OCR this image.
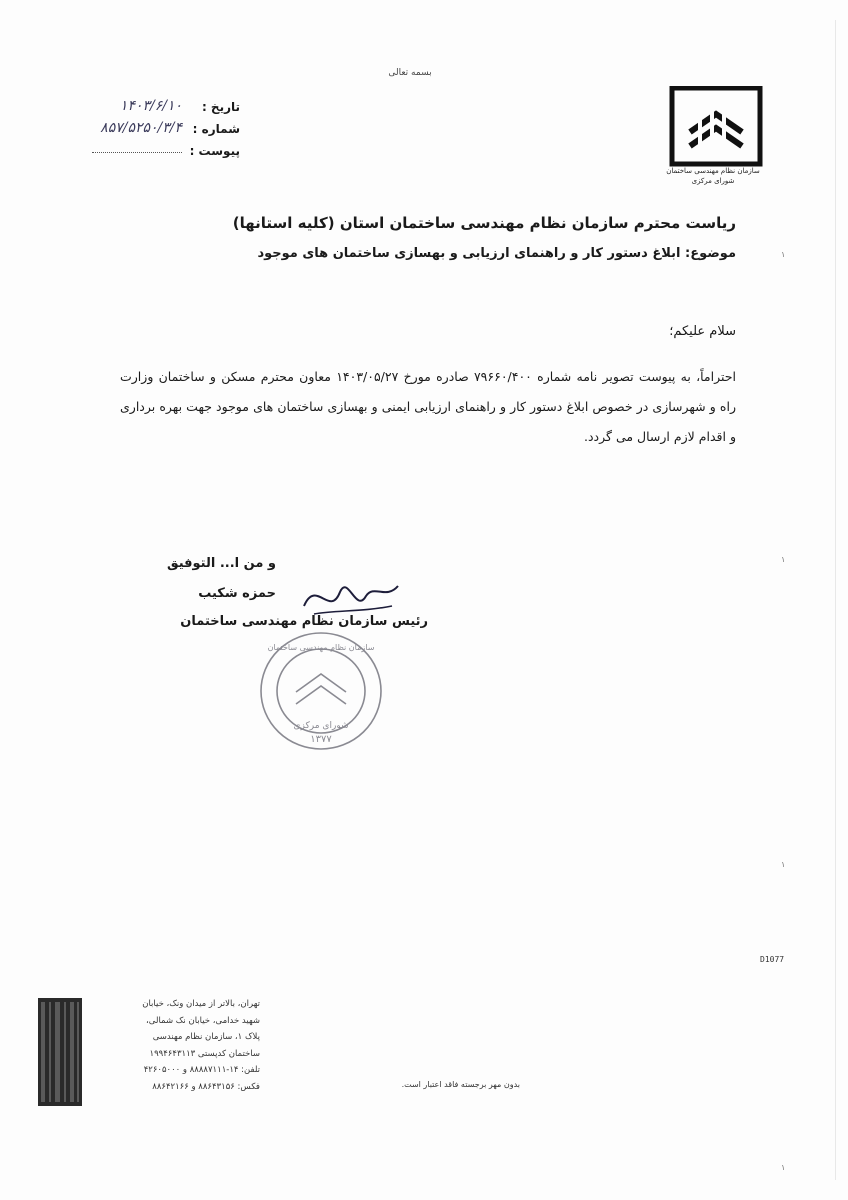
بسمه تعالی
سازمان نظام مهندسی ساختمان
شورای مرکزی
تاریخ :
۱۴۰۳/۶/۱۰
شماره :
۸۵۷/۵۲۵۰/۳/۴
پیوست :
ریاست محترم سازمان نظام مهندسی ساختمان استان (کلیه استانها)
موضوع: ابلاغ دستور کار و راهنمای ارزیابی و بهسازی ساختمان های موجود
سلام علیکم؛
احتراماً، به پیوست تصویر نامه شماره ۷۹۶۶۰/۴۰۰ صادره مورخ ۱۴۰۳/۰۵/۲۷ معاون محترم مسکن و ساختمان وزارت راه و شهرسازی در خصوص ابلاغ دستور کار و راهنمای ارزیابی ایمنی و بهسازی ساختمان های موجود جهت بهره برداری و اقدام لازم ارسال می گردد.
و من ا... التوفیق
حمزه شکیب
رئیس سازمان نظام مهندسی ساختمان
سازمان نظام مهندسی ساختمان
شورای مرکزی
۱۳۷۷
۱
۱
۱
۱
D1077
تهران، بالاتر از میدان ونک، خیابان
شهید خدامی، خیابان نک شمالی،
پلاک ۱، سازمان نظام مهندسی
ساختمان کدپستی ۱۹۹۴۶۴۳۱۱۳
تلفن: ۱۴-۸۸۸۸۷۱۱۱ و ۴۲۶۰۵۰۰۰
فکس: ۸۸۶۴۳۱۵۶ و ۸۸۶۴۲۱۶۶	بدون مهر برجسته فاقد اعتبار است.
